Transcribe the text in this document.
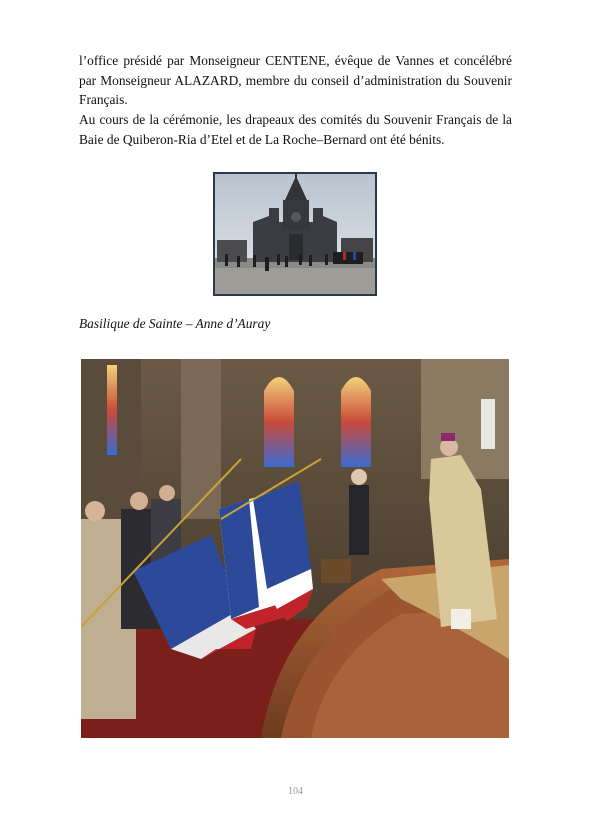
l’office présidé par Monseigneur CENTENE, évêque de Vannes et concélébré par Monseigneur ALAZARD, membre du conseil d’administration du Souvenir Français.

Au cours de la cérémonie, les drapeaux des comités du Souvenir Français de la Baie de Quiberon-Ria d’Etel et de La Roche–Bernard ont été bénits.

Basilique de Sainte – Anne d’Auray

104
